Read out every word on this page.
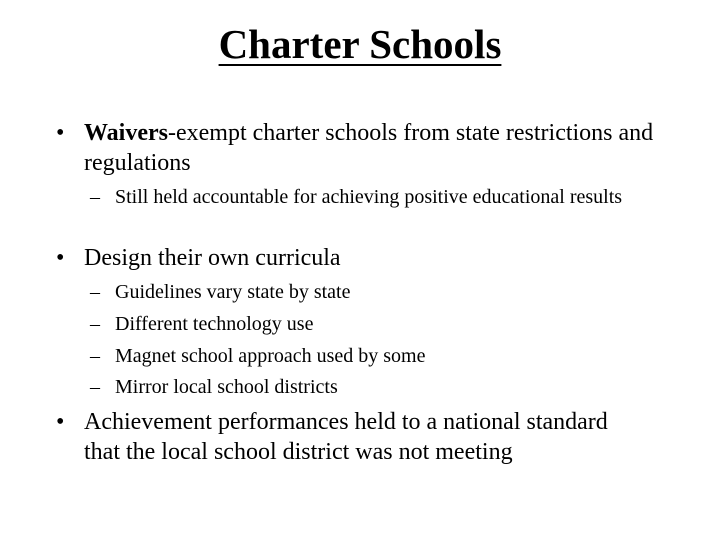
Charter Schools
• Waivers-exempt charter schools from state restrictions and regulations
– Still held accountable for achieving positive educational results
• Design their own curricula
– Guidelines vary state by state
– Different technology use
– Magnet school approach used by some
– Mirror local school districts
• Achievement performances held to a national standard that the local school district was not meeting
